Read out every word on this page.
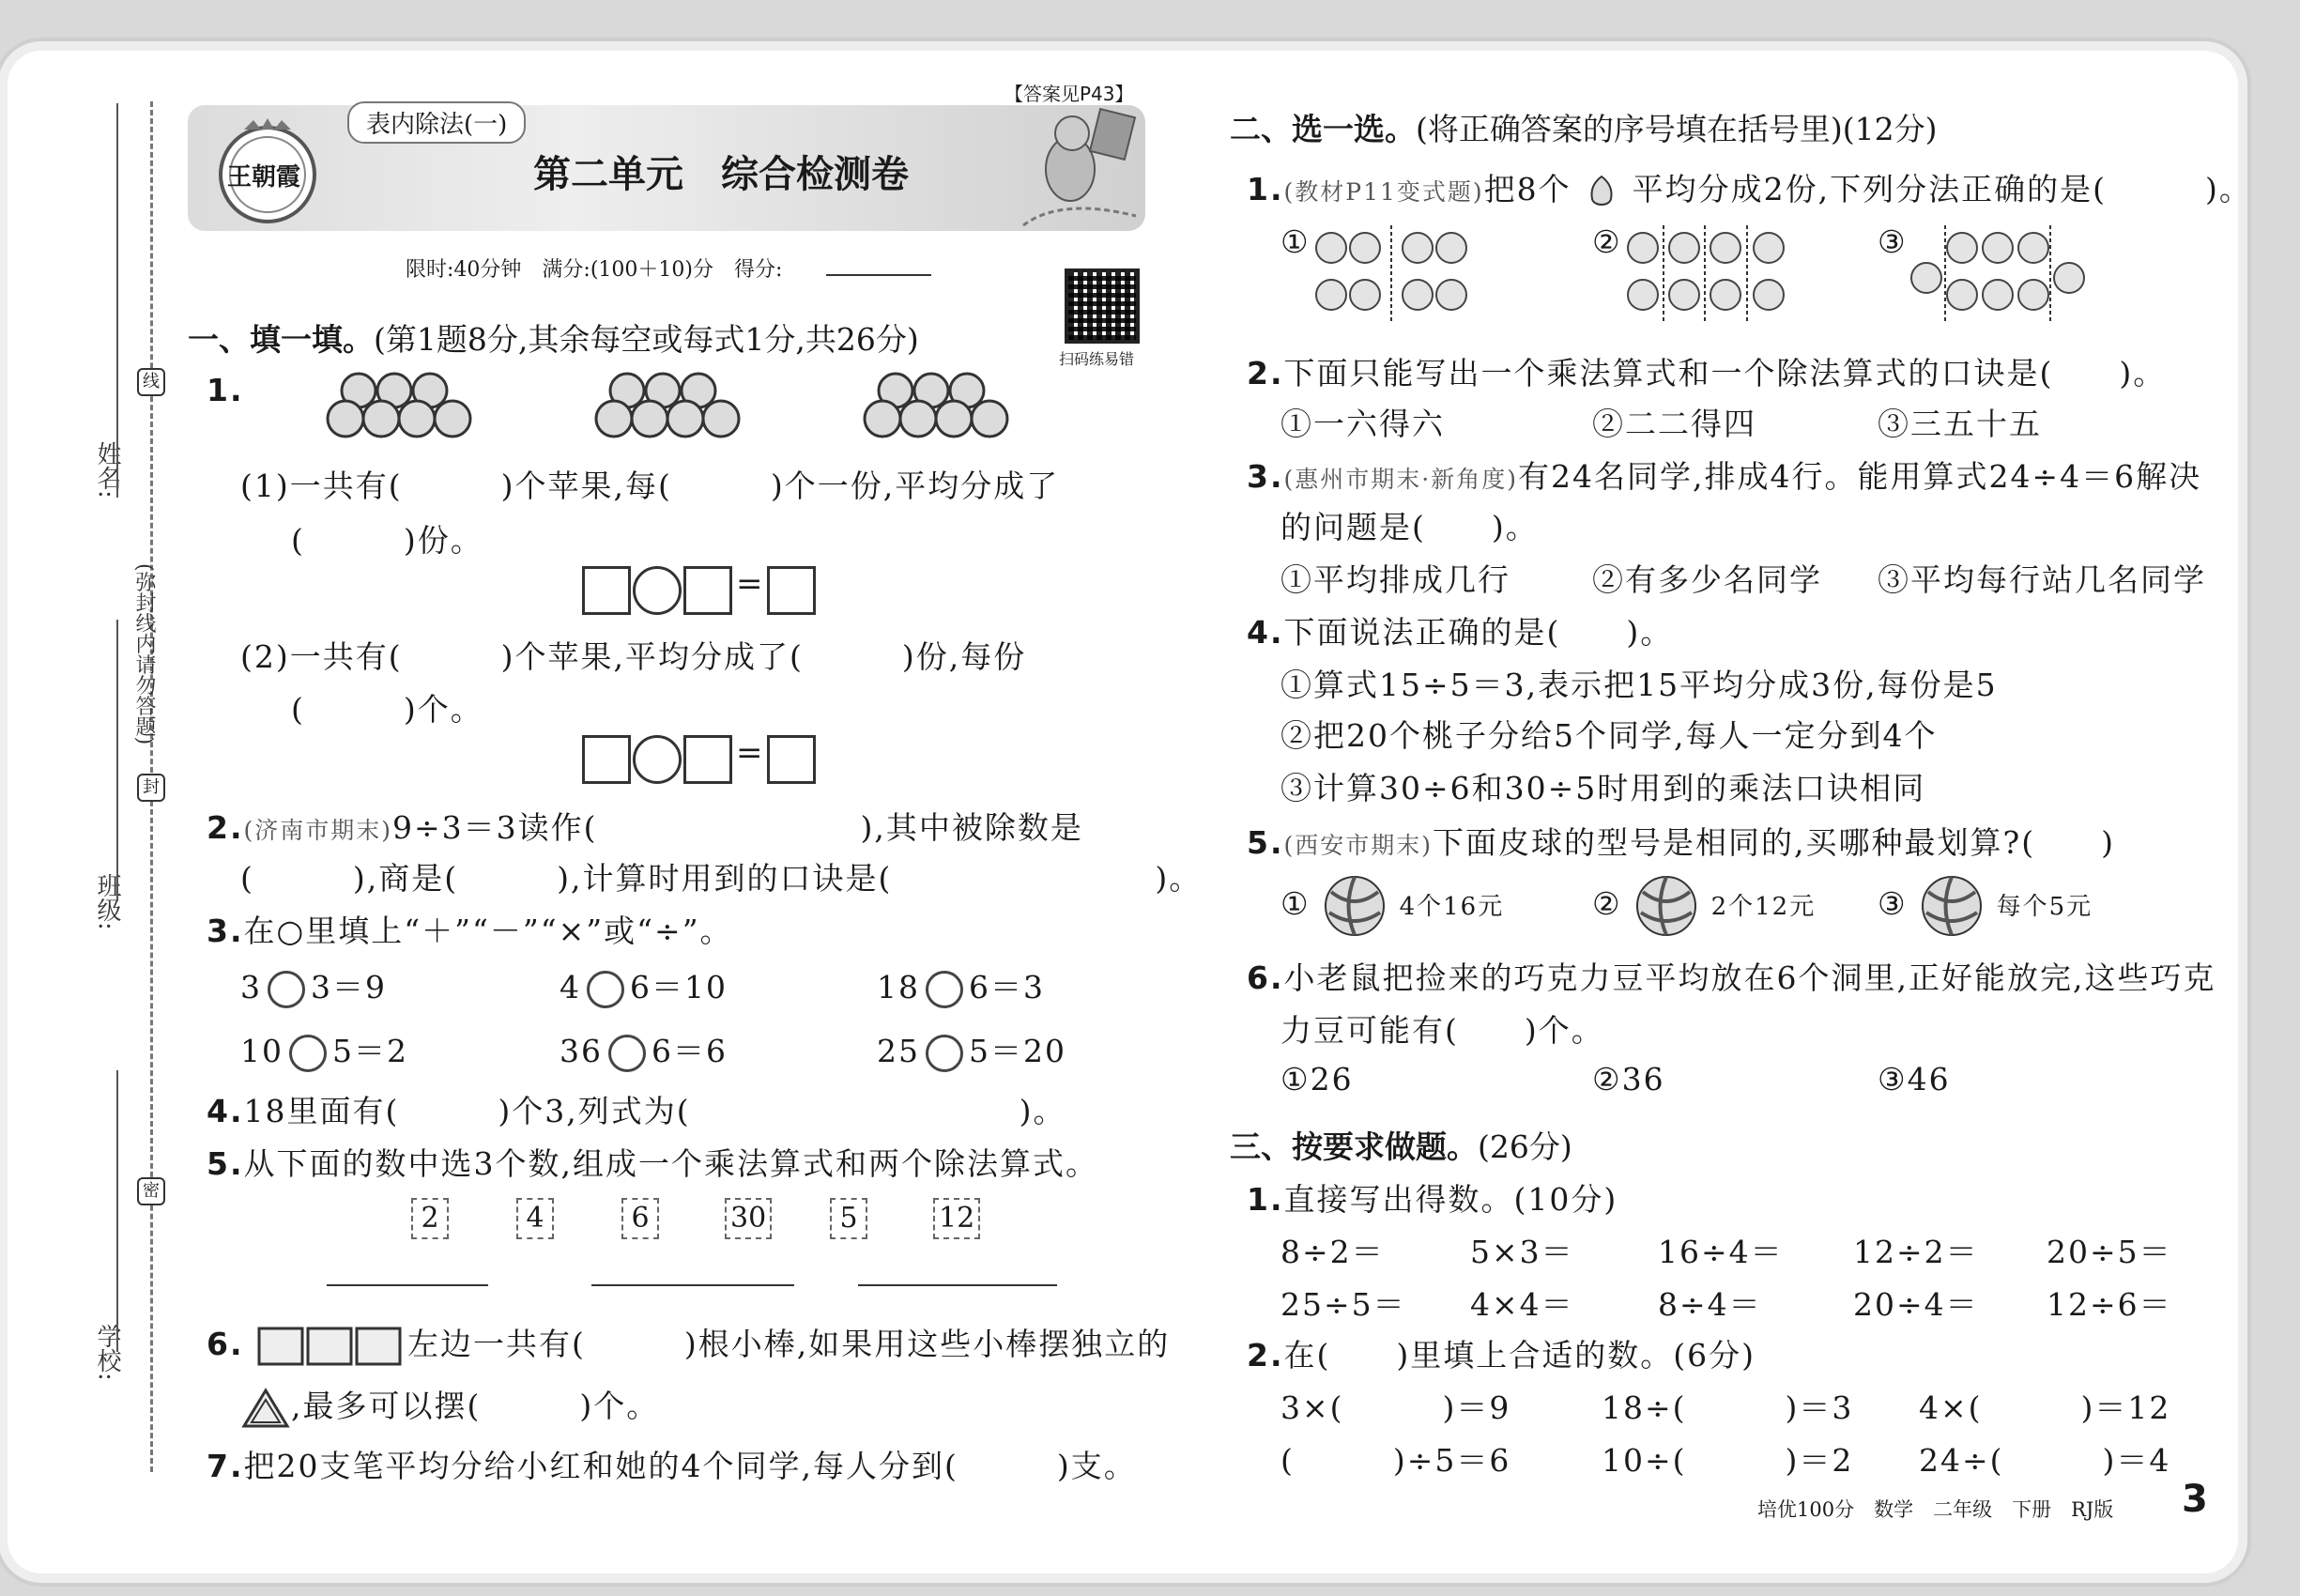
线
封
密
姓名:
(弥封线内请勿答题)
班级:
学校:
王朝霞
表内除法(一)
【答案见P43】
第二单元　综合检测卷
限时:40分钟　满分:(100＋10)分　得分:
扫码练易错
一、填一填。(第1题8分,其余每空或每式1分,共26分)
1.
(1)一共有(　　　)个苹果,每(　　　)个一份,平均分成了
(　　　)份。
=
(2)一共有(　　　)个苹果,平均分成了(　　　)份,每份
(　　　)个。
=
2.(济南市期末)9÷3＝3读作(　　　　　　　　),其中被除数是
(　　　),商是(　　　),计算时用到的口诀是(　　　　　　　　)。
3.在○里填上“＋”“－”“×”或“÷”。
3 3＝9	4 6＝10	18 6＝3
10 5＝2	36 6＝6	25 5＝20
4.18里面有(　　　)个3,列式为(　　　　　　　　　　)。
5.从下面的数中选3个数,组成一个乘法算式和两个除法算式。
2	4	6	30	5	12
6.	左边一共有(　　　)根小棒,如果用这些小棒摆独立的
,最多可以摆(　　　)个。
7.把20支笔平均分给小红和她的4个同学,每人分到(　　　)支。
二、选一选。(将正确答案的序号填在括号里)(12分)
1.(教材P11变式题)把8个 平均分成2份,下列分法正确的是(　　　)。
①	②	③
2.下面只能写出一个乘法算式和一个除法算式的口诀是(　　)。
①一六得六	②二二得四	③三五十五
3.(惠州市期末·新角度)有24名同学,排成4行。能用算式24÷4＝6解决
的问题是(　　)。
①平均排成几行	②有多少名同学 ③平均每行站几名同学
4.下面说法正确的是(　　)。
①算式15÷5＝3,表示把15平均分成3份,每份是5
②把20个桃子分给5个同学,每人一定分到4个
③计算30÷6和30÷5时用到的乘法口诀相同
5.(西安市期末)下面皮球的型号是相同的,买哪种最划算?(　　)
①	4个16元	②	2个12元 ③	每个5元
6.小老鼠把捡来的巧克力豆平均放在6个洞里,正好能放完,这些巧克
力豆可能有(　　)个。
①26	②36	③46
三、按要求做题。(26分)
1.直接写出得数。(10分)
8÷2＝	5×3＝	16÷4＝ 12÷2＝ 20÷5＝
25÷5＝ 4×4＝	8÷4＝	20÷4＝ 12÷6＝
2.在(　　)里填上合适的数。(6分)
3×(　　　)＝9	18÷(　　　)＝3 4×(　　　)＝12
(　　　)÷5＝6	10÷(　　　)＝2 24÷(　　　)＝4
培优100分　数学　二年级　下册　RJ版 3
